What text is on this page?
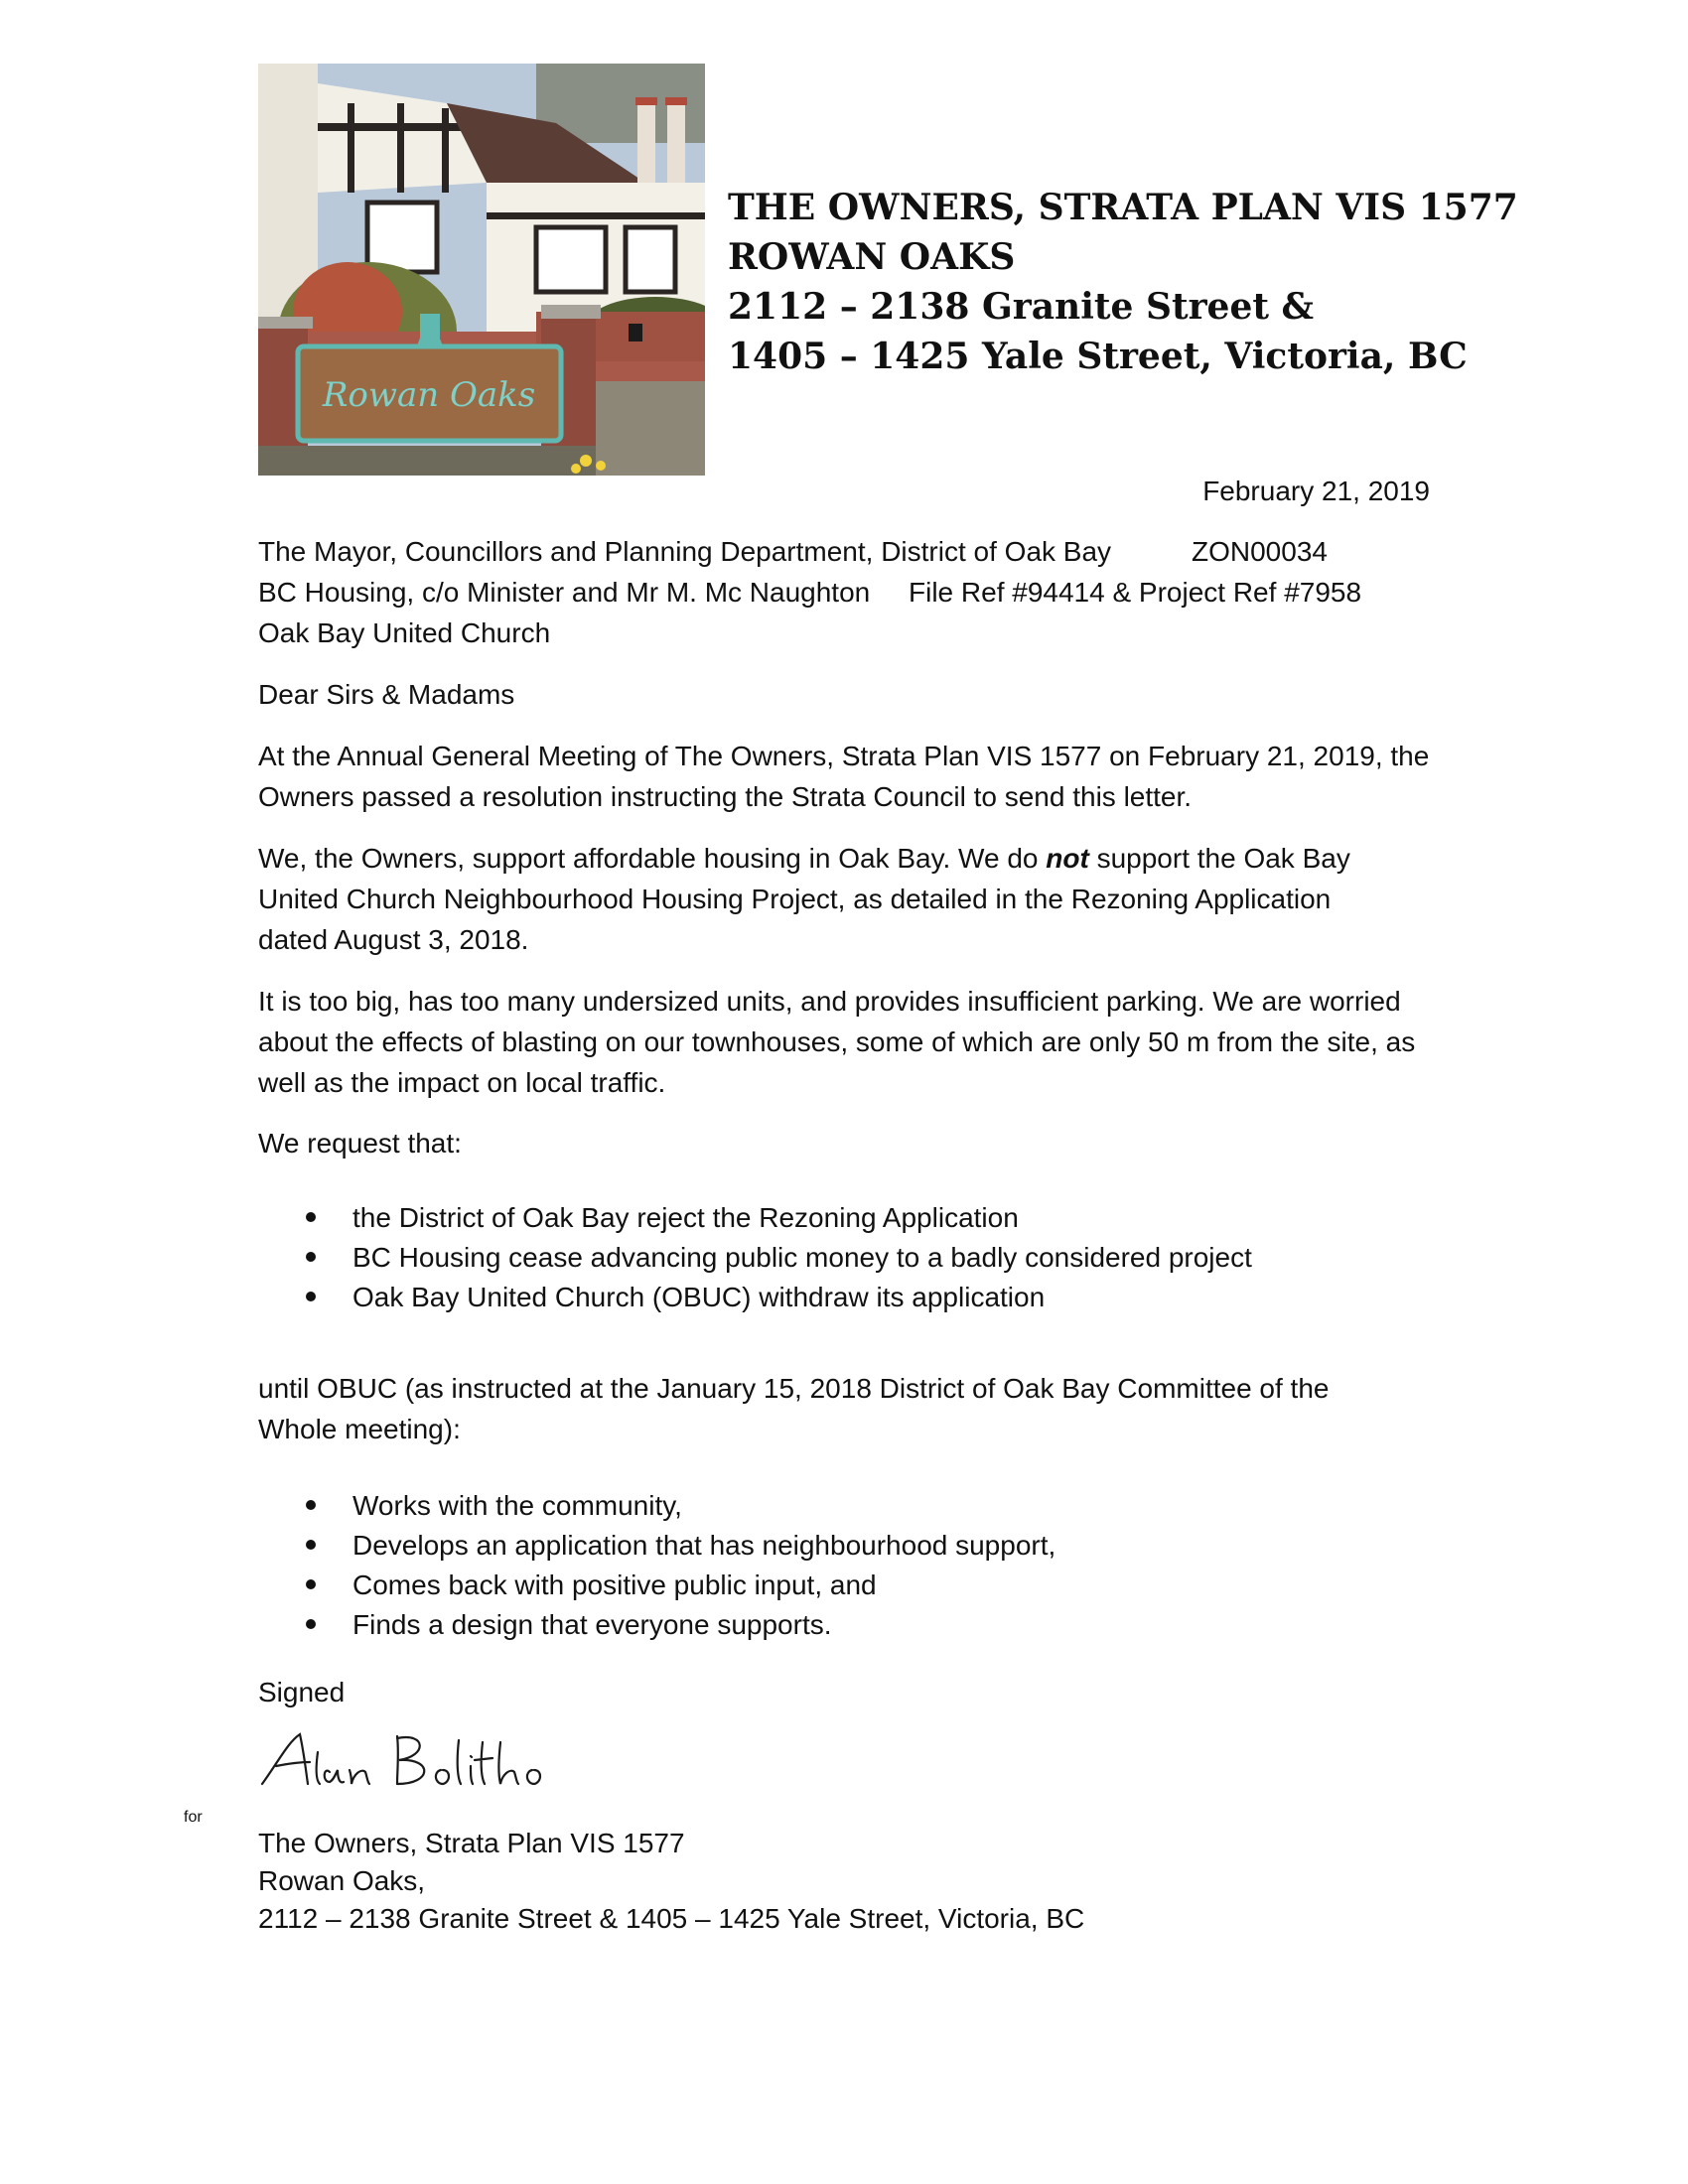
Rowan Oaks
THE OWNERS, STRATA PLAN VIS 1577
ROWAN OAKS
2112 – 2138 Granite Street &
1405 – 1425 Yale Street, Victoria, BC
February 21, 2019
The Mayor, Councillors and Planning Department, District of Oak Bay	ZON00034
BC Housing, c/o Minister and Mr M. Mc Naughton File Ref #94414 & Project Ref #7958
Oak Bay United Church
Dear Sirs & Madams

At the Annual General Meeting of The Owners, Strata Plan VIS 1577 on February 21, 2019, the Owners passed a resolution instructing the Strata Council to send this letter.

We, the Owners, support affordable housing in Oak Bay. We do not support the Oak Bay United Church Neighbourhood Housing Project, as detailed in the Rezoning Application dated August 3, 2018.

It is too big, has too many undersized units, and provides insufficient parking. We are worried about the effects of blasting on our townhouses, some of which are only 50 m from the site, as well as the impact on local traffic.

We request that:
the District of Oak Bay reject the Rezoning Application
BC Housing cease advancing public money to a badly considered project
Oak Bay United Church (OBUC) withdraw its application

until OBUC (as instructed at the January 15, 2018 District of Oak Bay Committee of the Whole meeting):

Works with the community,
Develops an application that has neighbourhood support,
Comes back with positive public input, and
Finds a design that everyone supports.
Signed
for
The Owners, Strata Plan VIS 1577
Rowan Oaks,
2112 – 2138 Granite Street & 1405 – 1425 Yale Street, Victoria, BC
